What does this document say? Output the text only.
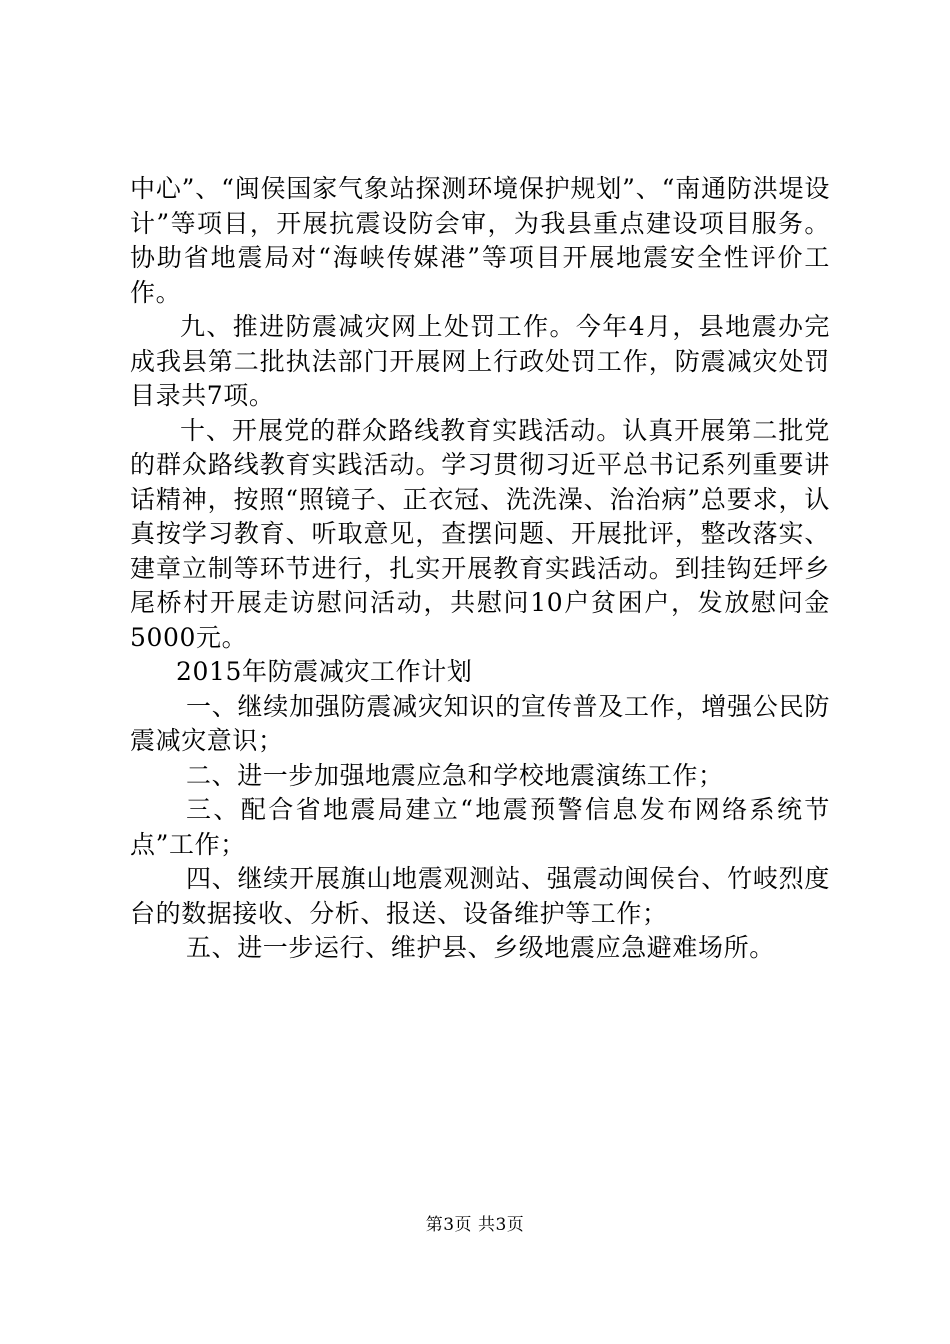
中心”、“闽侯国家气象站探测环境保护规划”、“南通防洪堤设计”等项目，开展抗震设防会审，为我县重点建设项目服务。协助省地震局对“海峡传媒港”等项目开展地震安全性评价工作。

九、推进防震减灾网上处罚工作。今年4月，县地震办完成我县第二批执法部门开展网上行政处罚工作，防震减灾处罚目录共7项。

十、开展党的群众路线教育实践活动。认真开展第二批党的群众路线教育实践活动。学习贯彻习近平总书记系列重要讲话精神，按照“照镜子、正衣冠、洗洗澡、治治病”总要求，认真按学习教育、听取意见，查摆问题、开展批评，整改落实、建章立制等环节进行，扎实开展教育实践活动。到挂钩廷坪乡尾桥村开展走访慰问活动，共慰问10户贫困户，发放慰问金5000元。

2015年防震减灾工作计划

一、继续加强防震减灾知识的宣传普及工作，增强公民防震减灾意识；

二、进一步加强地震应急和学校地震演练工作；

三、配合省地震局建立“地震预警信息发布网络系统节点”工作；

四、继续开展旗山地震观测站、强震动闽侯台、竹岐烈度台的数据接收、分析、报送、设备维护等工作；

五、进一步运行、维护县、乡级地震应急避难场所。

第3页 共3页
